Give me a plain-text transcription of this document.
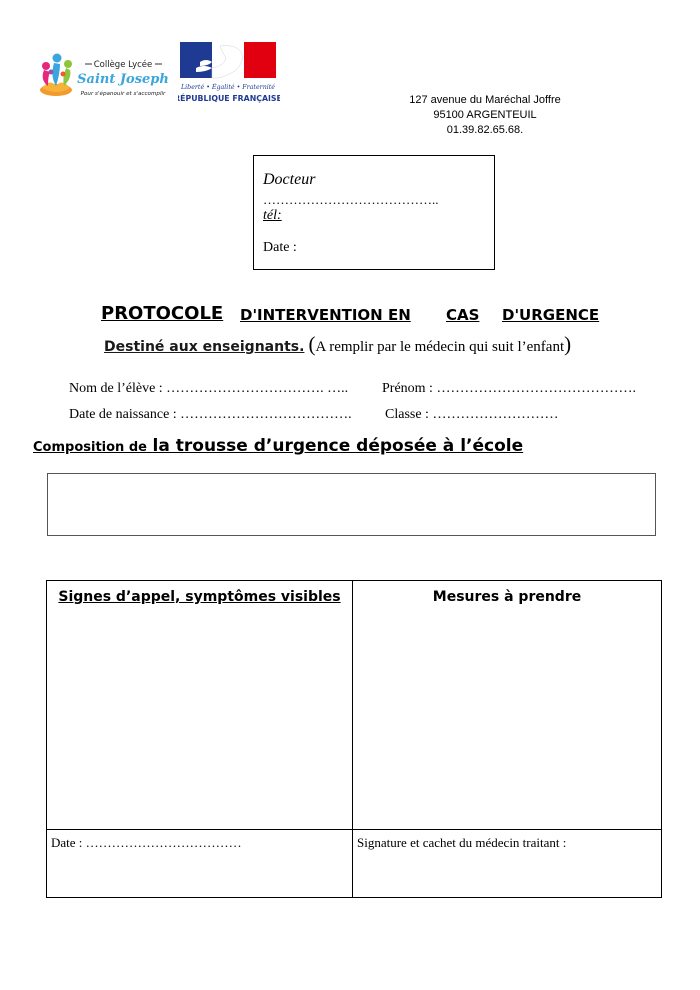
Collège Lycée
Saint Joseph
Pour s'épanouir et s'accomplir
Liberté • Égalité • Fraternité
RÉPUBLIQUE FRANÇAISE	127 avenue du Maréchal Joffre
95100 ARGENTEUIL
01.39.82.65.68.
Docteur
…………………………………..
tél:
Date :
PROTOCOLE D'INTERVENTION EN CAS D'URGENCE
Destiné aux enseignants. (A remplir par le médecin qui suit l’enfant)
Nom de l’élève : ……………………………. ….. Prénom : …………………………………….
Date de naissance : ………………………………. Classe : ………………………
Composition de la trousse d’urgence déposée à l’école
Signes d’appel, symptômes visibles	Mesures à prendre
Date : ………………………………	Signature et cachet du médecin traitant :
